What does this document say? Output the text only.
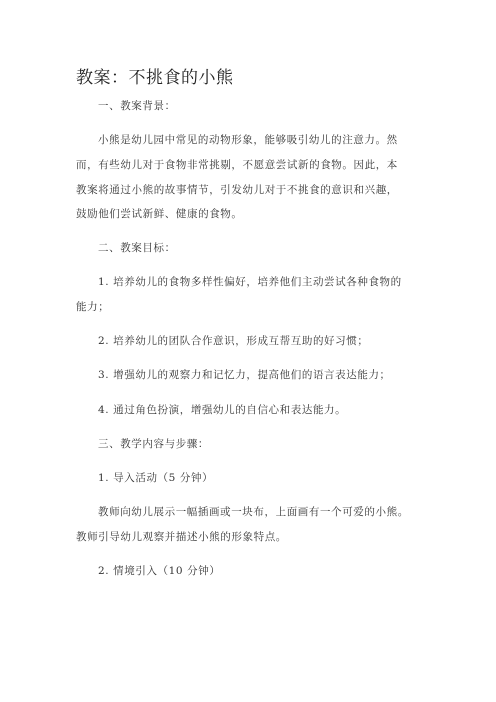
教案：不挑食的小熊
一、教案背景：
小熊是幼儿园中常见的动物形象，能够吸引幼儿的注意力。然
而，有些幼儿对于食物非常挑剔，不愿意尝试新的食物。因此，本
教案将通过小熊的故事情节，引发幼儿对于不挑食的意识和兴趣，
鼓励他们尝试新鲜、健康的食物。
二、教案目标：
1. 培养幼儿的食物多样性偏好，培养他们主动尝试各种食物的
能力；
2. 培养幼儿的团队合作意识，形成互帮互助的好习惯；
3. 增强幼儿的观察力和记忆力，提高他们的语言表达能力；
4. 通过角色扮演，增强幼儿的自信心和表达能力。
三、教学内容与步骤：
1. 导入活动（5 分钟）
教师向幼儿展示一幅插画或一块布，上面画有一个可爱的小熊。
教师引导幼儿观察并描述小熊的形象特点。
2. 情境引入（10 分钟）
